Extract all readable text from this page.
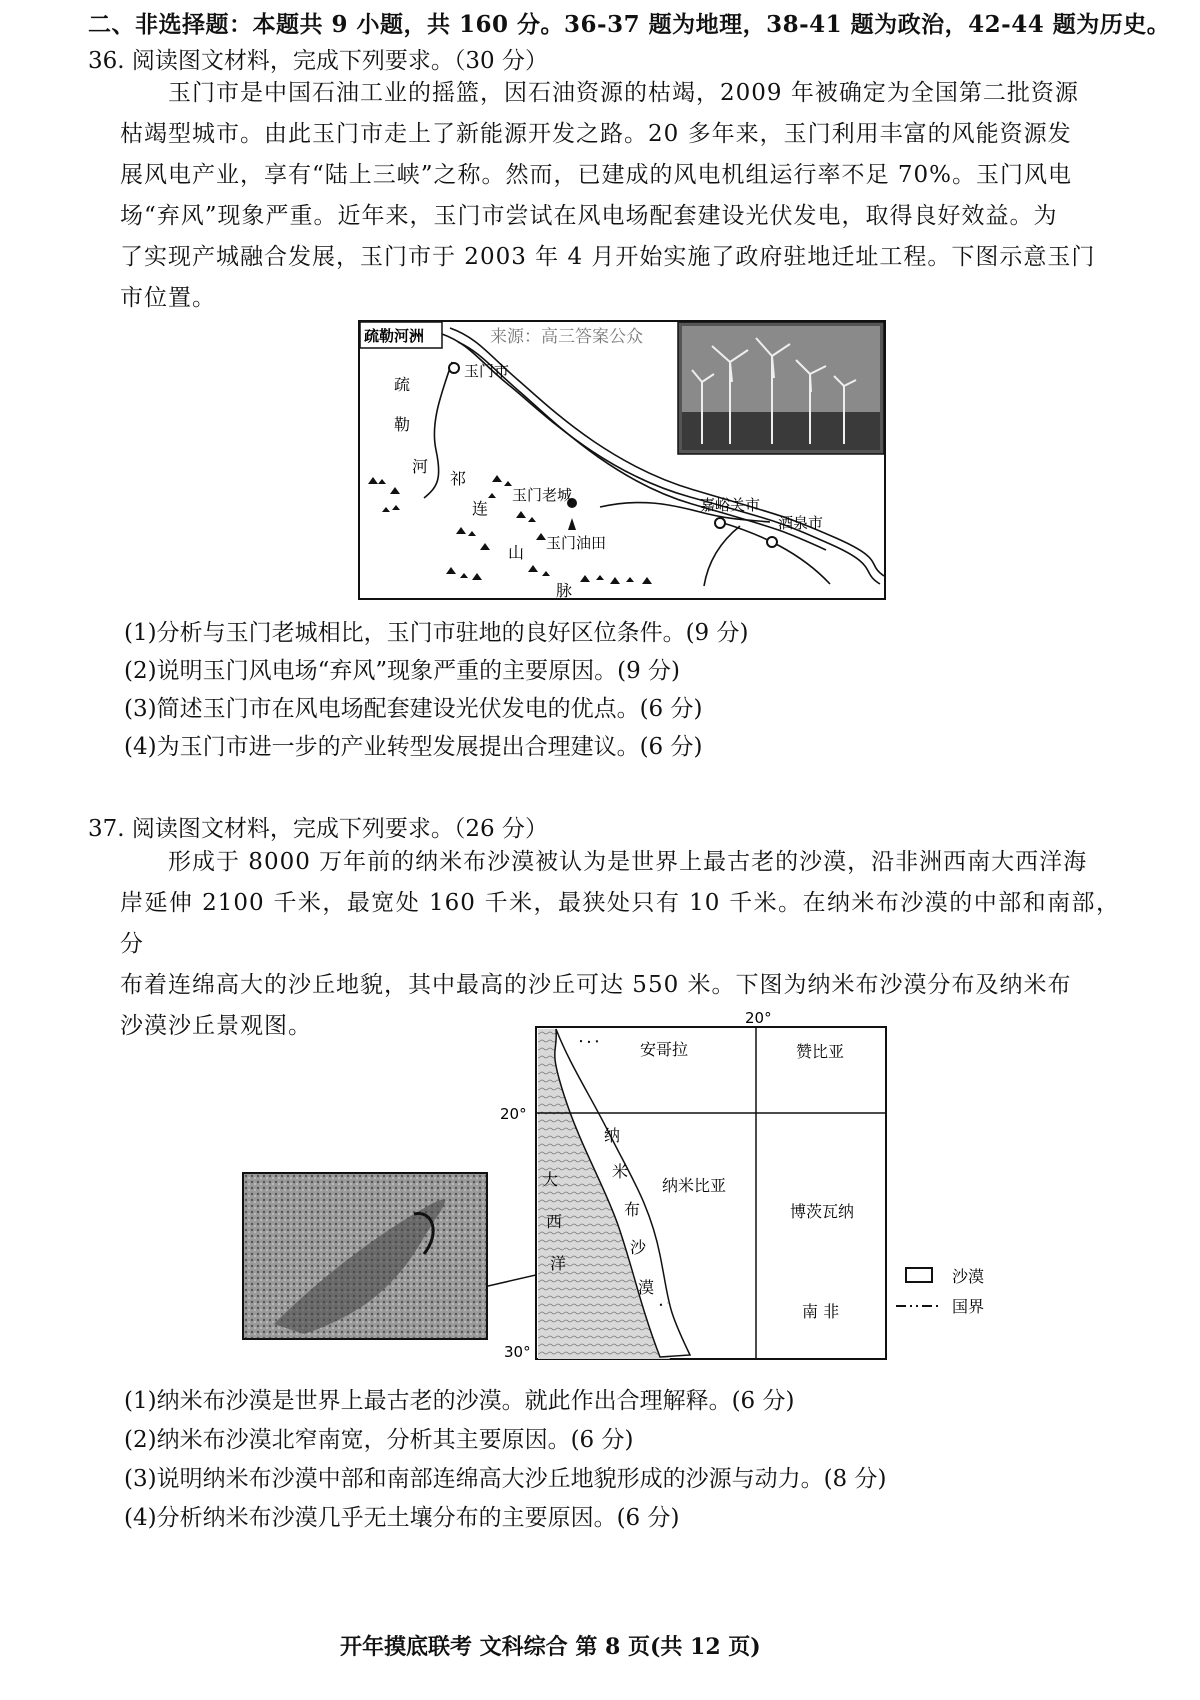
二、非选择题：本题共 9 小题，共 160 分。36-37 题为地理，38-41 题为政治，42-44 题为历史。
36. 阅读图文材料，完成下列要求。（30 分）

玉门市是中国石油工业的摇篮，因石油资源的枯竭，2009 年被确定为全国第二批资源

枯竭型城市。由此玉门市走上了新能源开发之路。20 多年来，玉门利用丰富的风能资源发

展风电产业，享有“陆上三峡”之称。然而，已建成的风电机组运行率不足 70%。玉门风电

场“弃风”现象严重。近年来，玉门市尝试在风电场配套建设光伏发电，取得良好效益。为

了实现产城融合发展，玉门市于 2003 年 4 月开始实施了政府驻地迁址工程。下图示意玉门

市位置。

疏勒河洲	来源：高三答案公众
玉门市
疏
勒
河
祁
连
山
脉
玉门老城
玉门油田
嘉峪关市
酒泉市
(1)分析与玉门老城相比，玉门市驻地的良好区位条件。(9 分)
(2)说明玉门风电场“弃风”现象严重的主要原因。(9 分)
(3)简述玉门市在风电场配套建设光伏发电的优点。(6 分)
(4)为玉门市进一步的产业转型发展提出合理建议。(6 分)
37. 阅读图文材料，完成下列要求。（26 分）

形成于 8000 万年前的纳米布沙漠被认为是世界上最古老的沙漠，沿非洲西南大西洋海

岸延伸 2100 千米，最宽处 160 千米，最狭处只有 10 千米。在纳米布沙漠的中部和南部，分

布着连绵高大的沙丘地貌，其中最高的沙丘可达 550 米。下图为纳米布沙漠分布及纳米布

沙漠沙丘景观图。	20°
20°
30°
安哥拉	赞比亚
纳米比亚
博茨瓦纳
南 非
纳
米
布
沙
漠
大
西
洋
沙漠
国界
(1)纳米布沙漠是世界上最古老的沙漠。就此作出合理解释。(6 分)
(2)纳米布沙漠北窄南宽，分析其主要原因。(6 分)
(3)说明纳米布沙漠中部和南部连绵高大沙丘地貌形成的沙源与动力。(8 分)
(4)分析纳米布沙漠几乎无土壤分布的主要原因。(6 分)
开年摸底联考 文科综合 第 8 页(共 12 页)
